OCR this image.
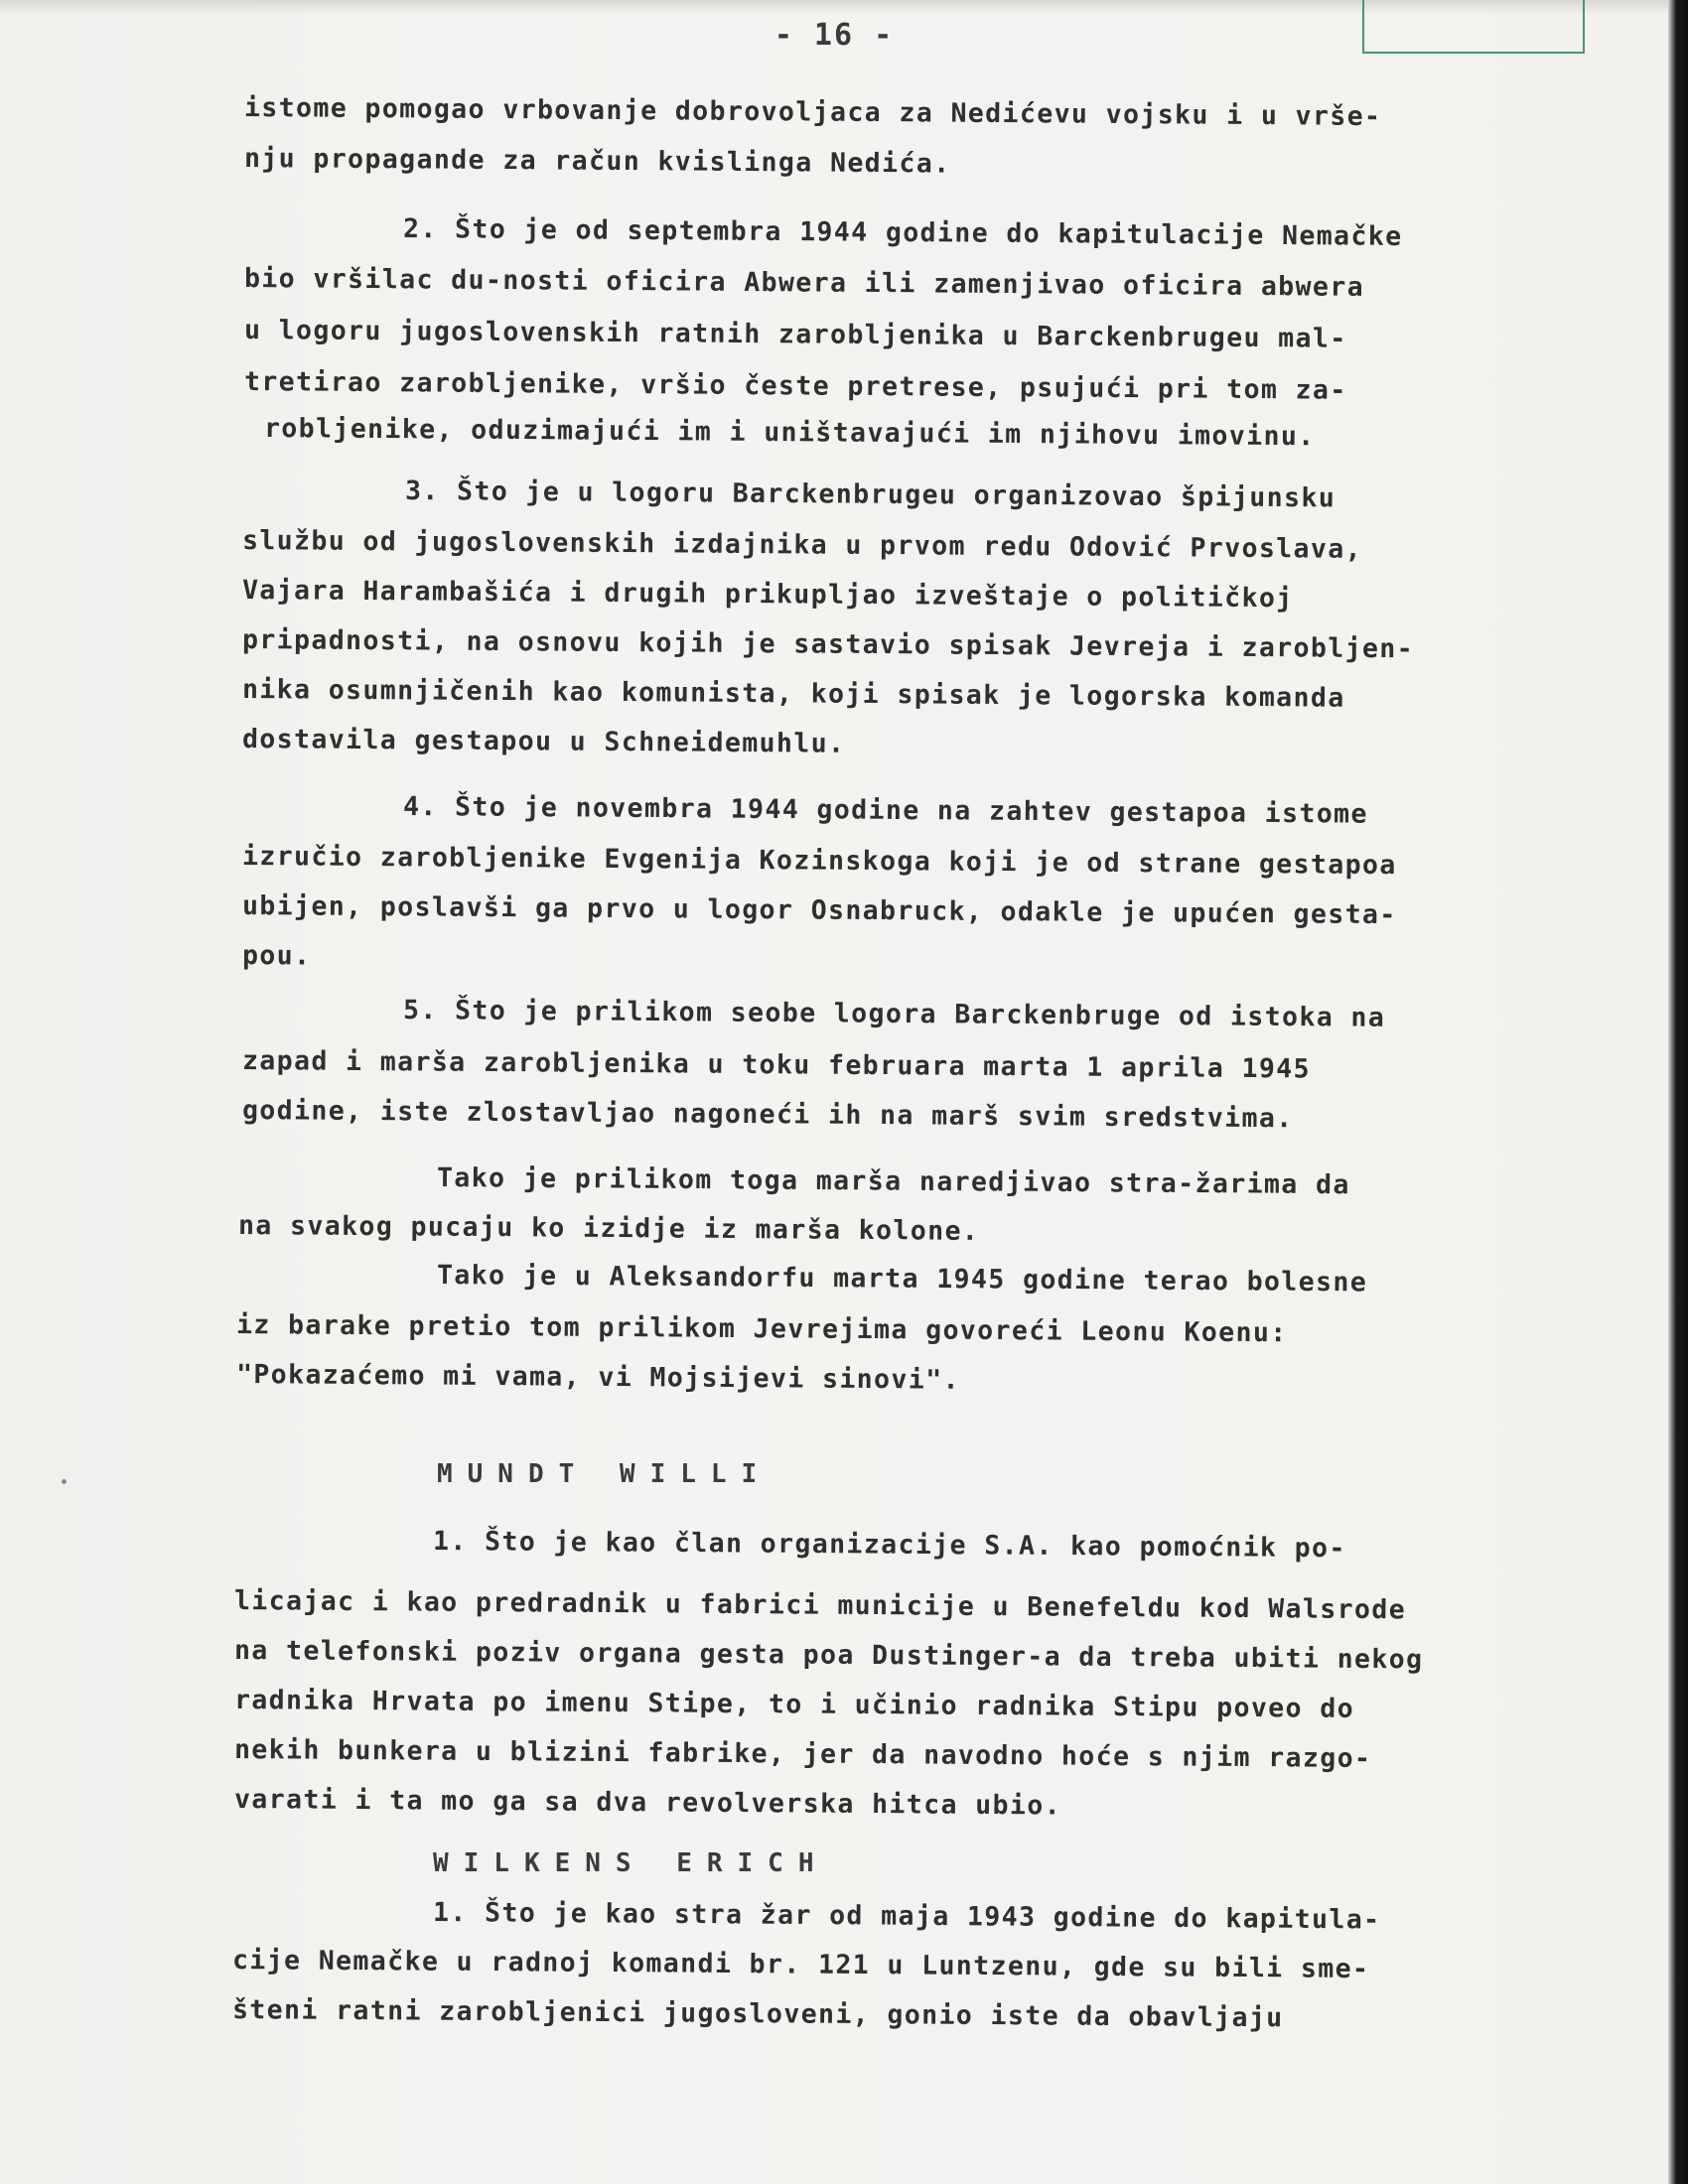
- 16 -
istome pomogao vrbovanje dobrovoljaca za Nedićevu vojsku i u vrše-
nju propagande za račun kvislinga Nedića.
2. Što je od septembra 1944 godine do kapitulacije Nemačke
bio vršilac du-nosti oficira Abwera ili zamenjivao oficira abwera
u logoru jugoslovenskih ratnih zarobljenika u Barckenbrugeu mal-
tretirao zarobljenike, vršio česte pretrese, psujući pri tom za-
robljenike, oduzimajući im i uništavajući im njihovu imovinu.
3. Što je u logoru Barckenbrugeu organizovao špijunsku
službu od jugoslovenskih izdajnika u prvom redu Odović Prvoslava,
Vajara Harambašića i drugih prikupljao izveštaje o političkoj
pripadnosti, na osnovu kojih je sastavio spisak Jevreja i zarobljen-
nika osumnjičenih kao komunista, koji spisak je logorska komanda
dostavila gestapou u Schneidemuhlu.
4. Što je novembra 1944 godine na zahtev gestapoa istome
izručio zarobljenike Evgenija Kozinskoga koji je od strane gestapoa
ubijen, poslavši ga prvo u logor Osnabruck, odakle je upućen gesta-
pou.
5. Što je prilikom seobe logora Barckenbruge od istoka na
zapad i marša zarobljenika u toku februara marta 1 aprila 1945
godine, iste zlostavljao nagoneći ih na marš svim sredstvima.
Tako je prilikom toga marša naredjivao stra-žarima da
na svakog pucaju ko izidje iz marša kolone.
Tako je u Aleksandorfu marta 1945 godine terao bolesne
iz barake pretio tom prilikom Jevrejima govoreći Leonu Koenu:
"Pokazaćemo mi vama, vi Mojsijevi sinovi".
MUNDT WILLI
1. Što je kao član organizacije S.A. kao pomoćnik po-
licajac i kao predradnik u fabrici municije u Benefeldu kod Walsrode
na telefonski poziv organa gesta poa Dustinger-a da treba ubiti nekog
radnika Hrvata po imenu Stipe, to i učinio radnika Stipu poveo do
nekih bunkera u blizini fabrike, jer da navodno hoće s njim razgo-
varati i ta mo ga sa dva revolverska hitca ubio.
WILKENS ERICH
1. Što je kao stra žar od maja 1943 godine do kapitula-
cije Nemačke u radnoj komandi br. 121 u Luntzenu, gde su bili sme-
šteni ratni zarobljenici jugosloveni, gonio iste da obavljaju
